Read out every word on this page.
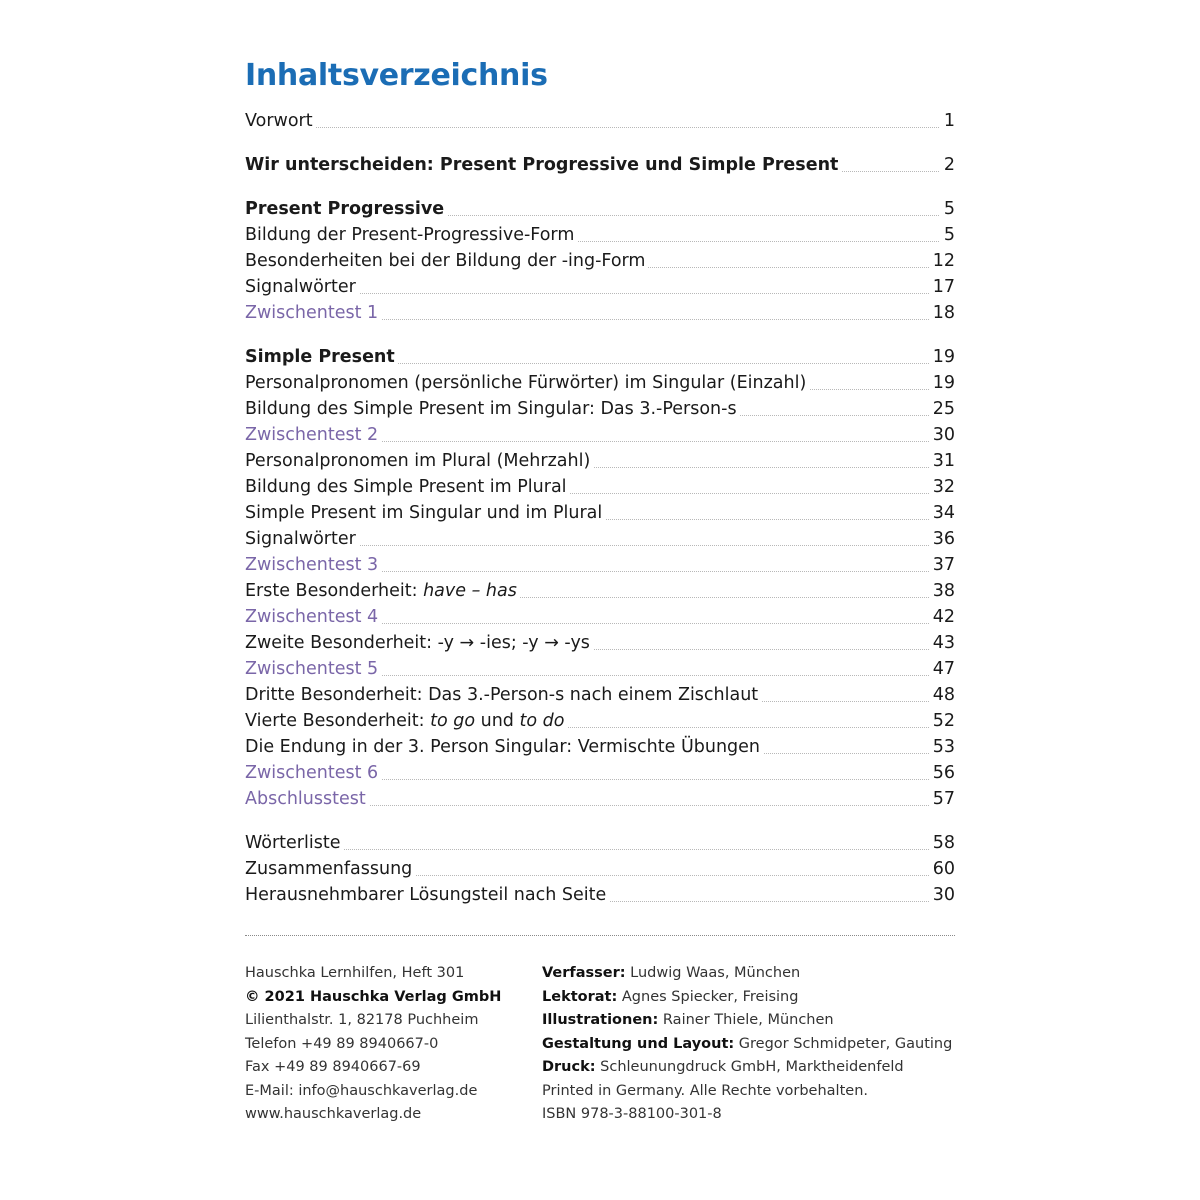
Inhaltsverzeichnis
Vorwort	1
Wir unterscheiden: Present Progressive und Simple Present	2
Present Progressive	5
Bildung der Present-Progressive-Form	5
Besonderheiten bei der Bildung der -ing-Form	12
Signalwörter	17
Zwischentest 1	18
Simple Present	19
Personalpronomen (persönliche Fürwörter) im Singular (Einzahl)	19
Bildung des Simple Present im Singular: Das 3.-Person-s	25
Zwischentest 2	30
Personalpronomen im Plural (Mehrzahl)	31
Bildung des Simple Present im Plural	32
Simple Present im Singular und im Plural	34
Signalwörter	36
Zwischentest 3	37
Erste Besonderheit: have – has	38
Zwischentest 4	42
Zweite Besonderheit: -y → -ies; -y → -ys	43
Zwischentest 5	47
Dritte Besonderheit: Das 3.-Person-s nach einem Zischlaut	48
Vierte Besonderheit: to go und to do	52
Die Endung in der 3. Person Singular: Vermischte Übungen	53
Zwischentest 6	56
Abschlusstest	57
Wörterliste	58
Zusammenfassung	60
Herausnehmbarer Lösungsteil nach Seite	30
Hauschka Lernhilfen, Heft 301
© 2021 Hauschka Verlag GmbH
Lilienthalstr. 1, 82178 Puchheim
Telefon +49 89 8940667-0
Fax +49 89 8940667-69
E-Mail: info@hauschkaverlag.de
www.hauschkaverlag.de
Verfasser: Ludwig Waas, München
Lektorat: Agnes Spiecker, Freising
Illustrationen: Rainer Thiele, München
Gestaltung und Layout: Gregor Schmidpeter, Gauting
Druck: Schleunungdruck GmbH, Marktheidenfeld
Printed in Germany. Alle Rechte vorbehalten.
ISBN 978-3-88100-301-8
